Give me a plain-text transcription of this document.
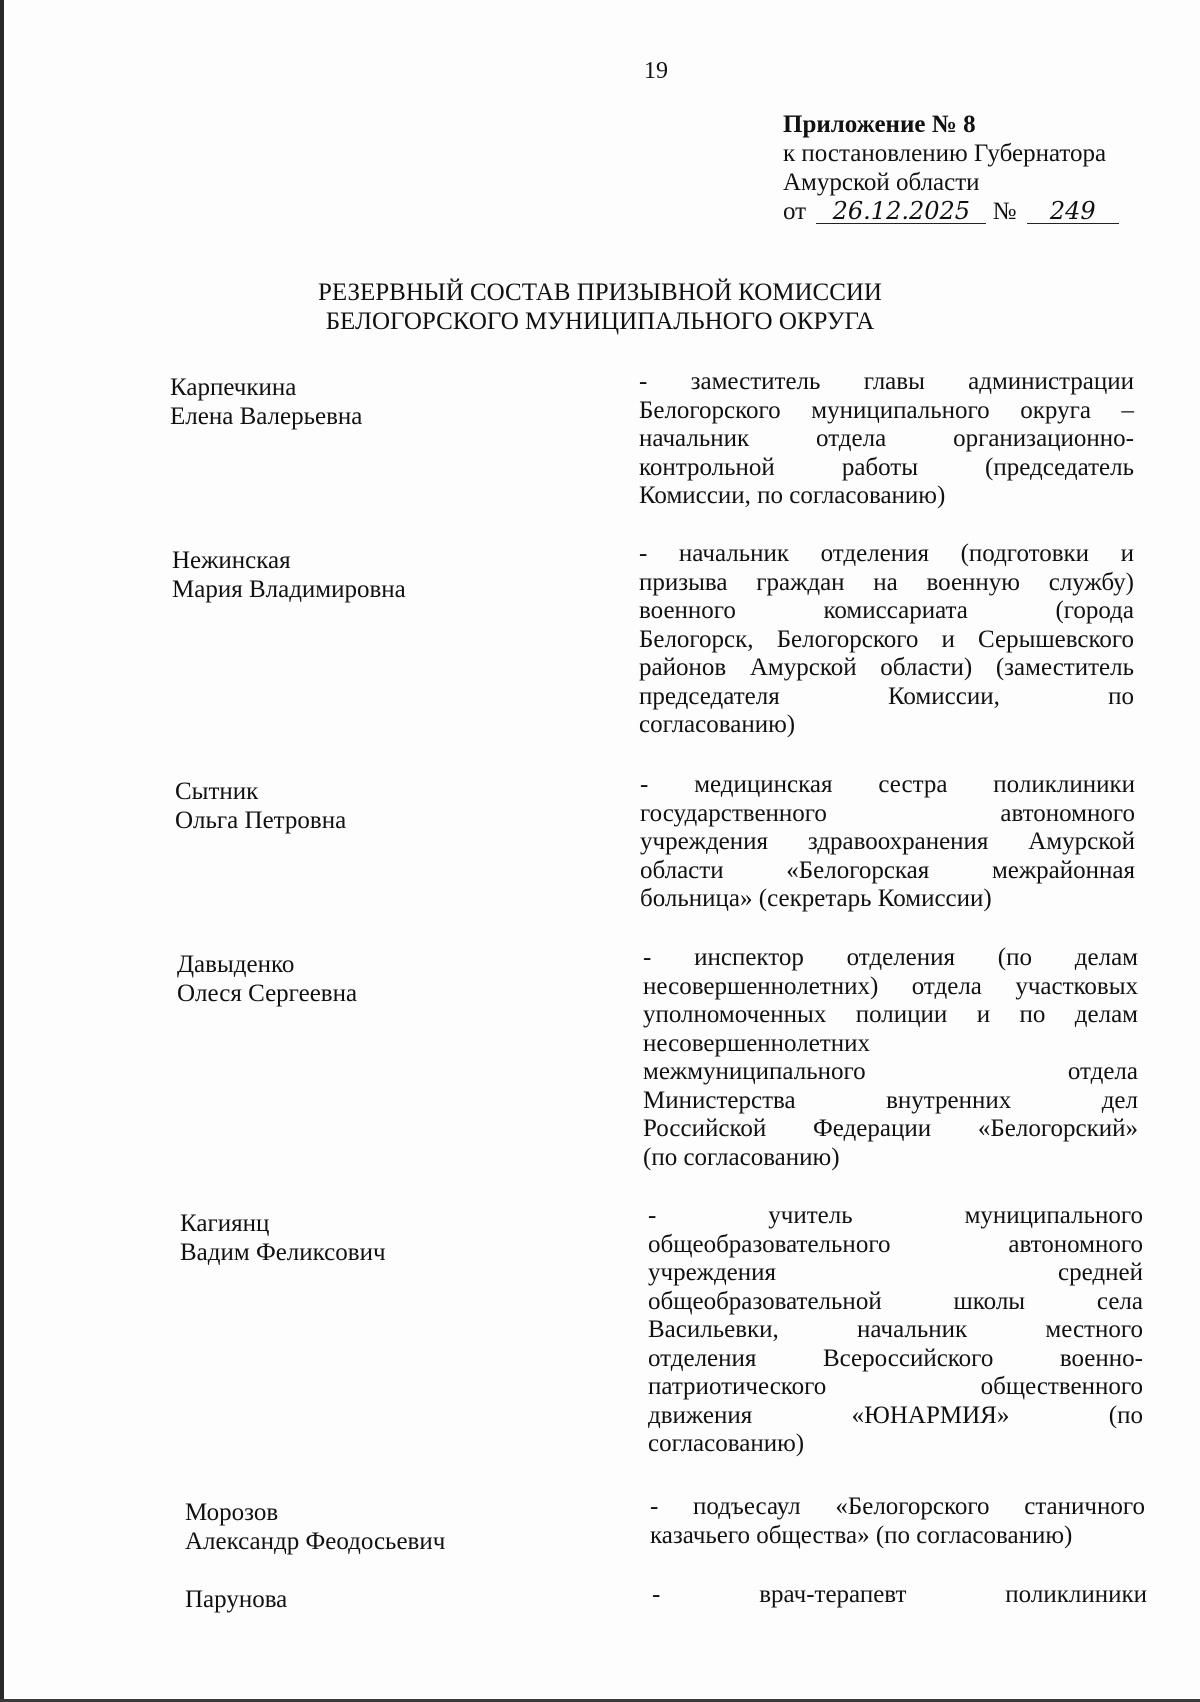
19
Приложение № 8
к постановлению Губернатора
Амурской области
от 26.12.2025 № 249
РЕЗЕРВНЫЙ СОСТАВ ПРИЗЫВНОЙ КОМИССИИ
БЕЛОГОРСКОГО МУНИЦИПАЛЬНОГО ОКРУГА
Карпечкина
Елена Валерьевна
- заместитель главы администрации
Белогорского муниципального округа –
начальник отдела организационно-
контрольной работы (председатель
Комиссии, по согласованию)
Нежинская
Мария Владимировна
- начальник отделения (подготовки и
призыва граждан на военную службу)
военного комиссариата (города
Белогорск, Белогорского и Серышевского
районов Амурской области) (заместитель
председателя Комиссии, по
согласованию)
Сытник
Ольга Петровна
- медицинская сестра поликлиники
государственного автономного
учреждения здравоохранения Амурской
области «Белогорская межрайонная
больница» (секретарь Комиссии)
Давыденко
Олеся Сергеевна
- инспектор отделения (по делам
несовершеннолетних) отдела участковых
уполномоченных полиции и по делам
несовершеннолетних
межмуниципального отдела
Министерства внутренних дел
Российской Федерации «Белогорский»
(по согласованию)
Кагиянц
Вадим Феликсович
- учитель муниципального
общеобразовательного автономного
учреждения средней
общеобразовательной школы села
Васильевки, начальник местного
отделения Всероссийского военно-
патриотического общественного
движения «ЮНАРМИЯ» (по
согласованию)
Морозов
Александр Феодосьевич
- подъесаул «Белогорского станичного
казачьего общества» (по согласованию)
Парунова	- врач-терапевт поликлиники
